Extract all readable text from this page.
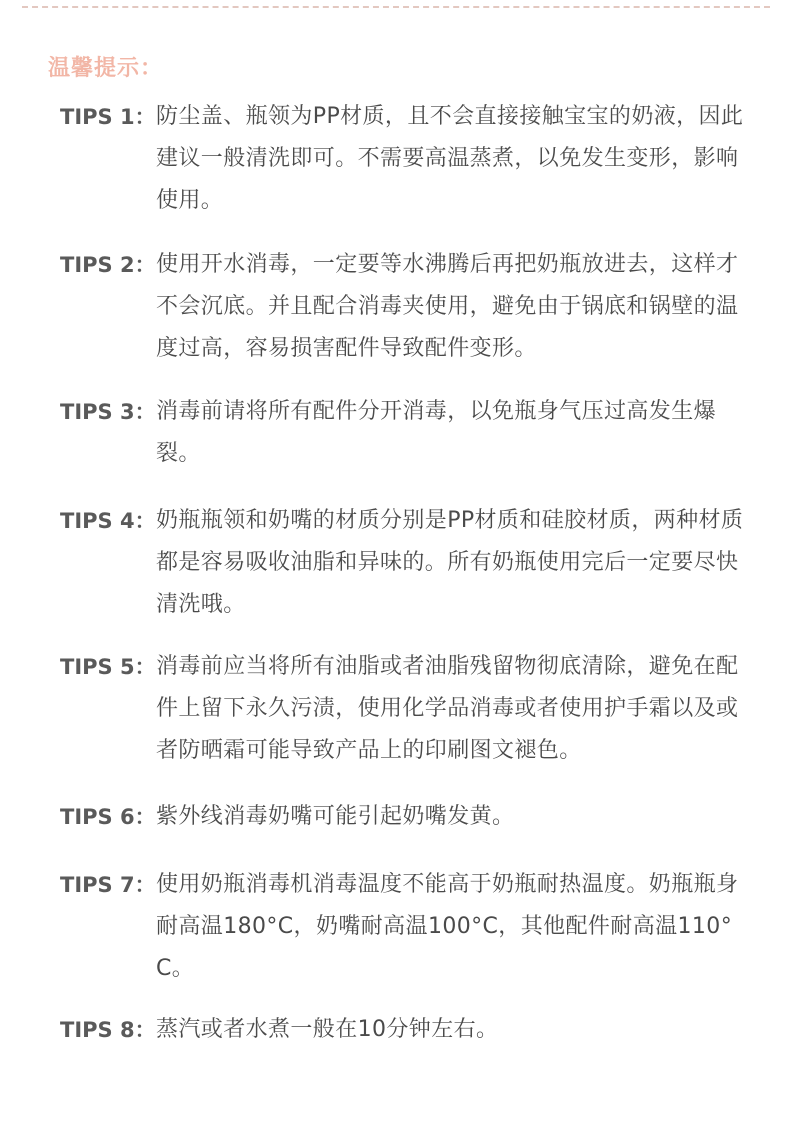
温馨提示：
TIPS 1： 防尘盖、瓶领为PP材质，且不会直接接触宝宝的奶液，因此建议一般清洗即可。不需要高温蒸煮，以免发生变形，影响使用。
TIPS 2： 使用开水消毒，一定要等水沸腾后再把奶瓶放进去，这样才不会沉底。并且配合消毒夹使用，避免由于锅底和锅壁的温度过高，容易损害配件导致配件变形。
TIPS 3： 消毒前请将所有配件分开消毒，以免瓶身气压过高发生爆裂。
TIPS 4： 奶瓶瓶领和奶嘴的材质分别是PP材质和硅胶材质，两种材质都是容易吸收油脂和异味的。所有奶瓶使用完后一定要尽快清洗哦。
TIPS 5： 消毒前应当将所有油脂或者油脂残留物彻底清除，避免在配件上留下永久污渍，使用化学品消毒或者使用护手霜以及或者防晒霜可能导致产品上的印刷图文褪色。
TIPS 6： 紫外线消毒奶嘴可能引起奶嘴发黄。
TIPS 7： 使用奶瓶消毒机消毒温度不能高于奶瓶耐热温度。奶瓶瓶身耐高温180°C，奶嘴耐高温100°C，其他配件耐高温110°C。
TIPS 8： 蒸汽或者水煮一般在10分钟左右。
